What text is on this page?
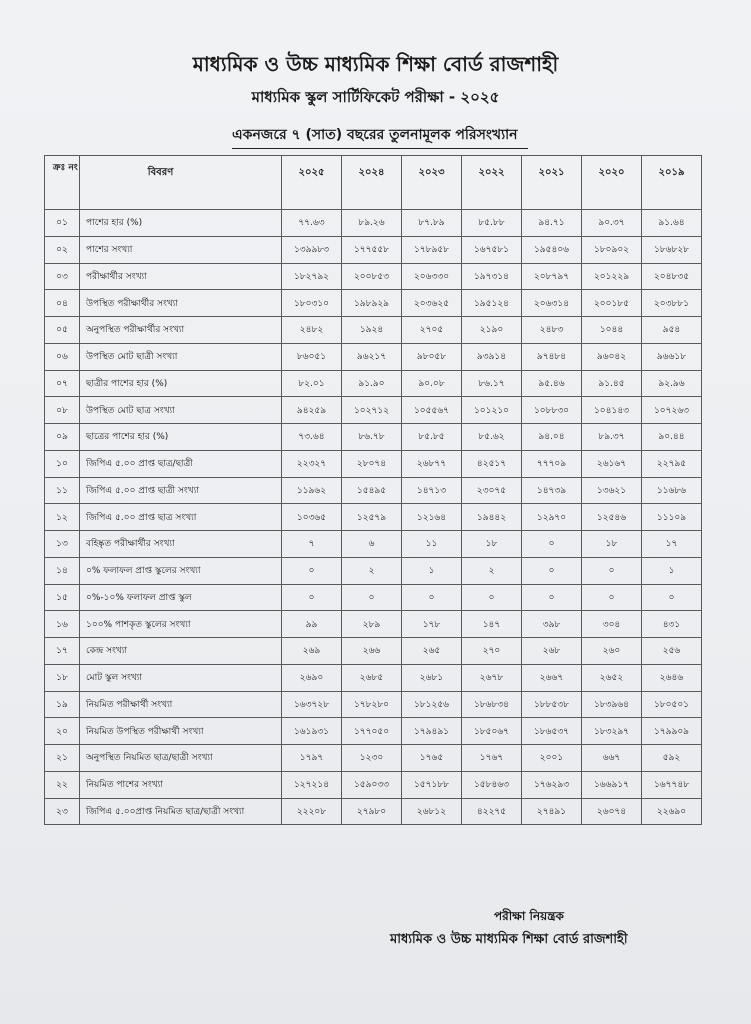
মাধ্যমিক ও উচ্চ মাধ্যমিক শিক্ষা বোর্ড রাজশাহী
মাধ্যমিক স্কুল সার্টিফিকেট পরীক্ষা - ২০২৫
একনজরে ৭ (সাত) বছরের তুলনামূলক পরিসংখ্যান
ক্রঃ নং	বিবরণ	২০২৫	২০২৪	২০২৩	২০২২	২০২১	২০২০	২০১৯
০১	পাশের হার (%)	৭৭.৬৩	৮৯.২৬	৮৭.৮৯	৮৫.৮৮	৯৪.৭১	৯০.৩৭	৯১.৬৪
০২	পাশের সংখ্যা	১৩৯৯৮৩	১৭৭৫৫৮	১৭৮৯৫৮	১৬৭৫৮১	১৯৫৪০৬	১৮০৯০২	১৮৬৮২৮
০৩	পরীক্ষার্থীর সংখ্যা	১৮২৭৯২	২০০৮৫৩	২০৬৩৩০	১৯৭৩১৪	২০৮৭৯৭	২০১২২৯	২০৪৮৩৫
০৪	উপস্থিত পরীক্ষার্থীর সংখ্যা	১৮০৩১০	১৯৮৯২৯	২০৩৬২৫	১৯৫১২৪	২০৬৩১৪	২০০১৮৫	২০৩৮৮১
০৫	অনুপস্থিত পরীক্ষার্থীর সংখ্যা	২৪৮২	১৯২৪	২৭০৫	২১৯০	২৪৮৩	১০৪৪	৯৫৪
০৬	উপস্থিত মোট ছাত্রী সংখ্যা	৮৬০৫১	৯৬২১৭	৯৮০৫৮	৯৩৯১৪	৯৭৪৮৪	৯৬০৪২	৯৬৬১৮
০৭	ছাত্রীর পাশের হার (%)	৮২.০১	৯১.৯০	৯০.০৮	৮৬.১৭	৯৫.৪৬	৯১.৪৫	৯২.৯৬
০৮	উপস্থিত মোট ছাত্র সংখ্যা	৯৪২৫৯	১০২৭১২	১০৫৫৬৭	১০১২১০	১০৮৮৩০	১০৪১৪৩	১০৭২৬৩
০৯	ছাত্রের পাশের হার (%)	৭৩.৬৪	৮৬.৭৮	৮৫.৮৫	৮৫.৬২	৯৪.০৪	৮৯.৩৭	৯০.৪৪
১০	জিপিএ ৫.০০ প্রাপ্ত ছাত্র/ছাত্রী	২২৩২৭	২৮০৭৪	২৬৮৭৭	৪২৫১৭	৭৭৭০৯	২৬১৬৭	২২৭৯৫
১১	জিপিএ ৫.০০ প্রাপ্ত ছাত্রী সংখ্যা	১১৯৬২	১৫৪৯৫	১৪৭১৩	২৩০৭৫	১৪৭৩৯	১৩৬২১	১১৬৮৬
১২	জিপিএ ৫.০০ প্রাপ্ত ছাত্র সংখ্যা	১০৩৬৫	১২৫৭৯	১২১৬৪	১৯৪৪২	১২৯৭০	১২৫৪৬	১১১০৯
১৩	বহিষ্কৃত পরীক্ষার্থীর সংখ্যা	৭	৬	১১	১৮	০	১৮	১৭
১৪	০% ফলাফল প্রাপ্ত স্কুলের সংখ্যা	০	২	১	২	০	০	১
১৫	০%-১০% ফলাফল প্রাপ্ত স্কুল	০	০	০	০	০	০	০
১৬	১০০% পাশকৃত স্কুলের সংখ্যা	৯৯	২৮৯	১৭৮	১৪৭	৩৯৮	৩০৪	৪৩১
১৭	কেন্দ্র সংখ্যা	২৬৯	২৬৬	২৬৫	২৭০	২৬৮	২৬০	২৫৬
১৮	মোট স্কুল সংখ্যা	২৬৯০	২৬৮৫	২৬৮১	২৬৭৮	২৬৬৭	২৬৫২	২৬৪৬
১৯	নিয়মিত পরীক্ষার্থী সংখ্যা	১৬৩৭২৮	১৭৮২৮০	১৮১২৫৬	১৮৬৮৩৪	১৮৮৫৩৮	১৮৩৯৬৪	১৮০৫০১
২০	নিয়মিত উপস্থিত পরীক্ষার্থী সংখ্যা	১৬১৯৩১	১৭৭০৫০	১৭৯৪৯১	১৮৫০৬৭	১৮৬৫৩৭	১৮৩২৯৭	১৭৯৯০৯
২১	অনুপস্থিত নিয়মিত ছাত্র/ছাত্রী সংখ্যা	১৭৯৭	১২৩০	১৭৬৫	১৭৬৭	২০০১	৬৬৭	৫৯২
২২	নিয়মিত পাশের সংখ্যা	১২৭২১৪	১৫৯০৩৩	১৫৭১৮৮	১৫৮৪৬৩	১৭৬২৯৩	১৬৬৯১৭	১৬৭৭৪৮
২৩	জিপিএ ৫.০০প্রাপ্ত নিয়মিত ছাত্র/ছাত্রী সংখ্যা	২২২০৮	২৭৯৮০	২৬৮১২	৪২২৭৫	২৭৪৯১	২৬০৭৪	২২৬৯০
পরীক্ষা নিয়ন্ত্রক
মাধ্যমিক ও উচ্চ মাধ্যমিক শিক্ষা বোর্ড রাজশাহী
